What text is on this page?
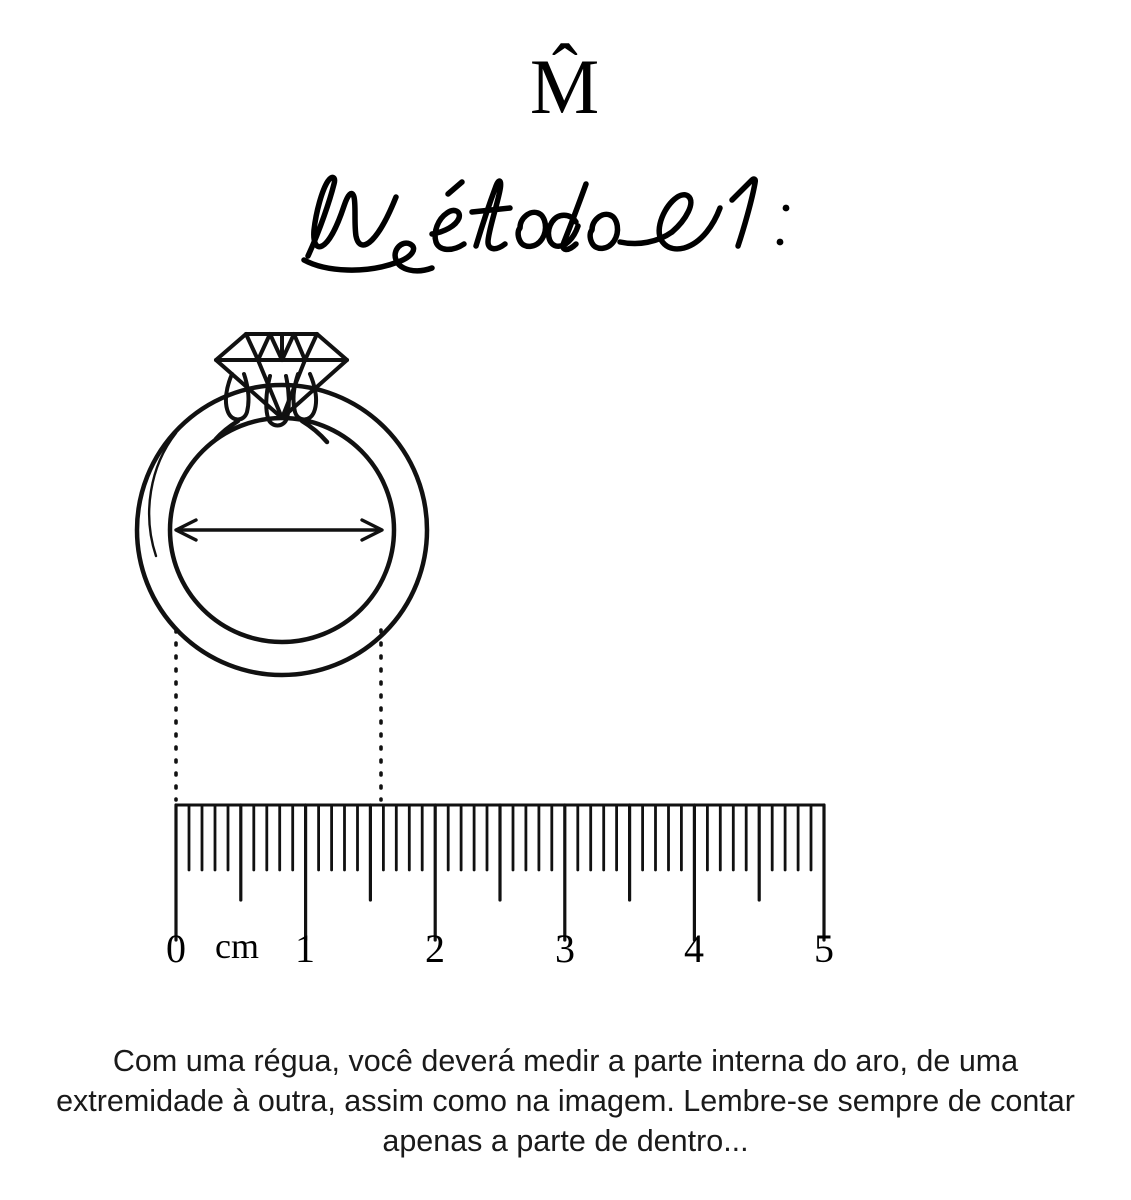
M̂
0 cm 1	2	3	4	5

Com uma régua, você deverá medir a parte interna do aro, de uma extremidade à outra, assim como na imagem. Lembre-se sempre de contar apenas a parte de dentro...
